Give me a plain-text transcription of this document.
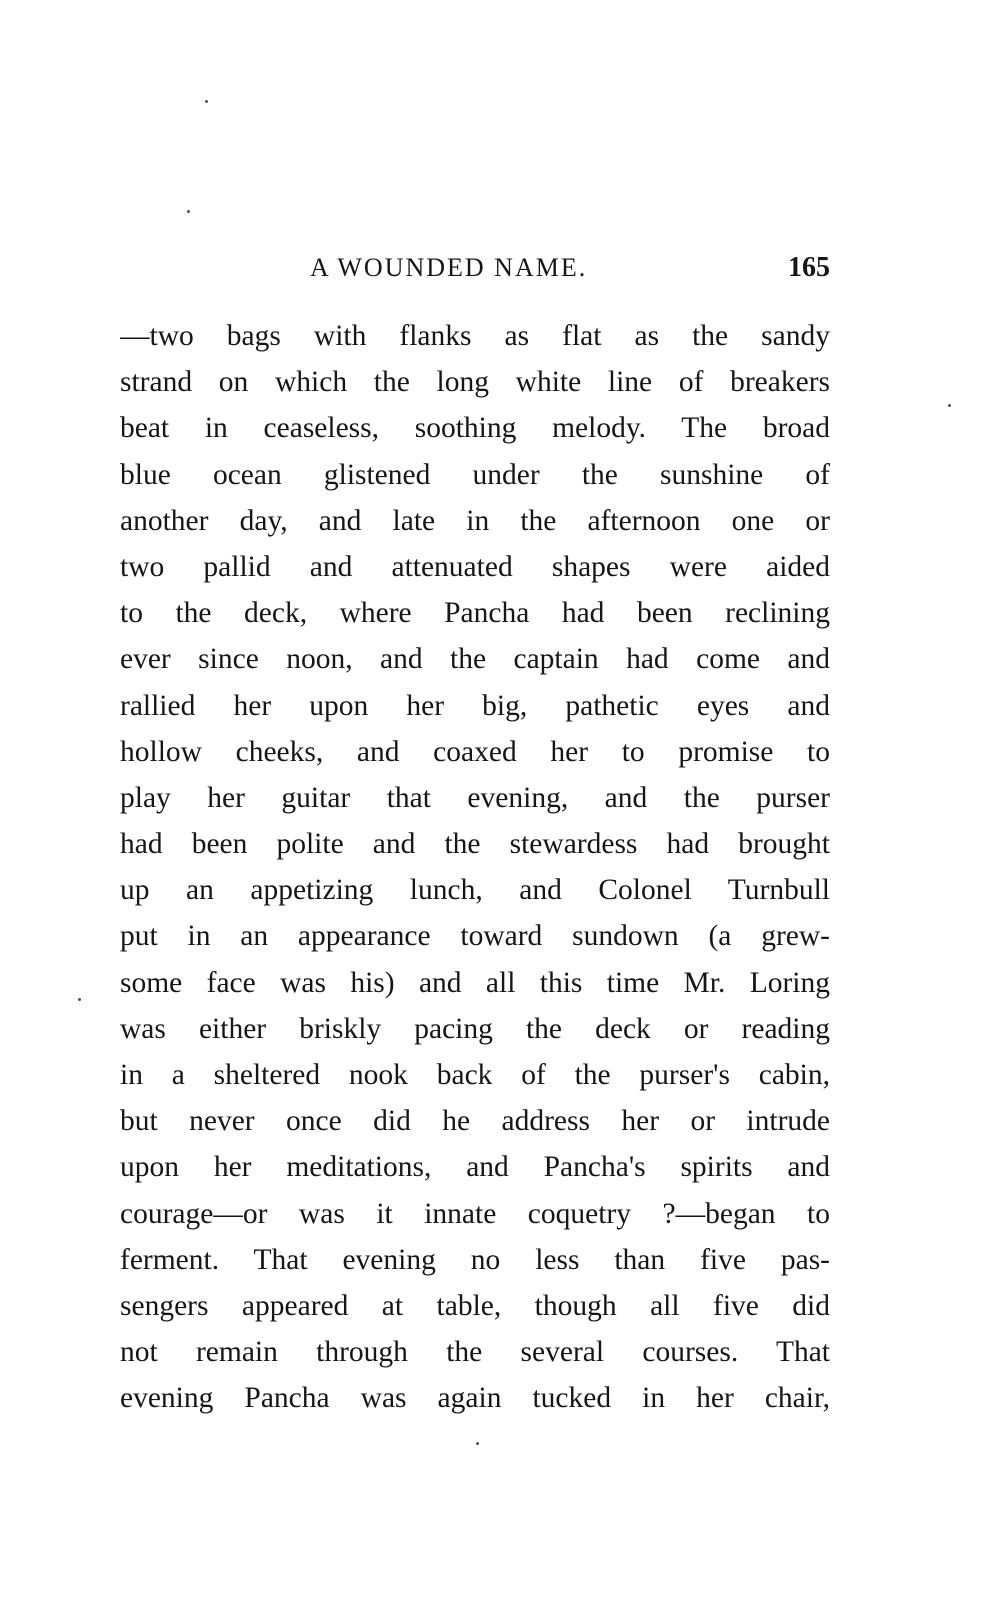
A WOUNDED NAME.	165
—two bags with flanks as flat as the sandy
strand on which the long white line of breakers
beat in ceaseless, soothing melody. The broad
blue ocean glistened under the sunshine of
another day, and late in the afternoon one or
two pallid and attenuated shapes were aided
to the deck, where Pancha had been reclining
ever since noon, and the captain had come and
rallied her upon her big, pathetic eyes and
hollow cheeks, and coaxed her to promise to
play her guitar that evening, and the purser
had been polite and the stewardess had brought
up an appetizing lunch, and Colonel Turnbull
put in an appearance toward sundown (a grew-
some face was his) and all this time Mr. Loring
was either briskly pacing the deck or reading
in a sheltered nook back of the purser's cabin,
but never once did he address her or intrude
upon her meditations, and Pancha's spirits and
courage—or was it innate coquetry ?—began to
ferment. That evening no less than five pas-
sengers appeared at table, though all five did
not remain through the several courses. That
evening Pancha was again tucked in her chair,
